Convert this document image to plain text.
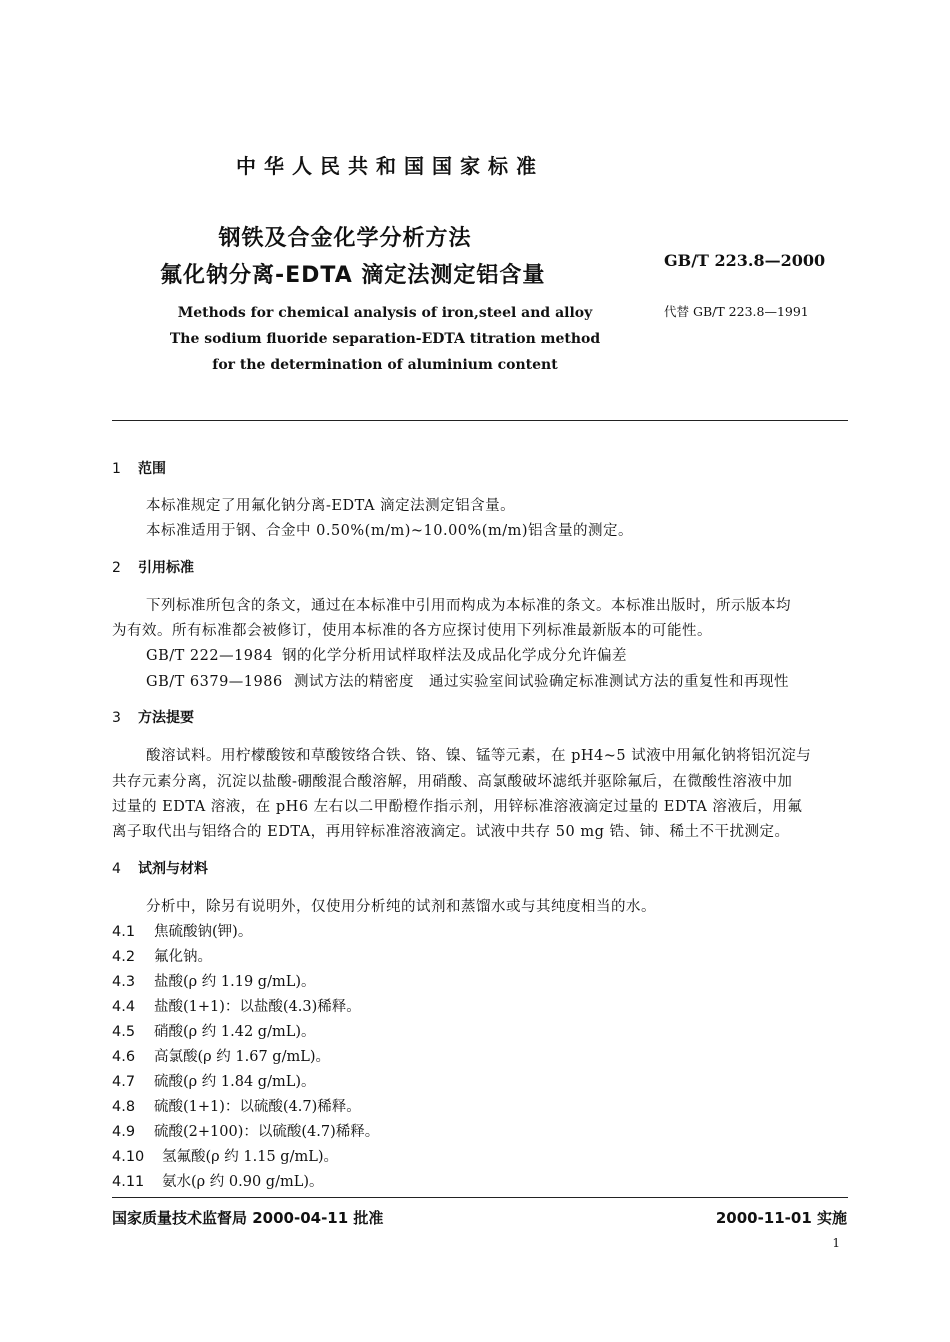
中华人民共和国国家标准
钢铁及合金化学分析方法
氟化钠分离-EDTA 滴定法测定铝含量
GB/T 223.8—2000
代替 GB/T 223.8—1991
Methods for chemical analysis of iron,steel and alloy
The sodium fluoride separation-EDTA titration method
for the determination of aluminium content
1 范围
本标准规定了用氟化钠分离-EDTA 滴定法测定铝含量。
本标准适用于钢、合金中 0.50%(m/m)~10.00%(m/m)铝含量的测定。
2 引用标准
下列标准所包含的条文，通过在本标准中引用而构成为本标准的条文。本标准出版时，所示版本均
为有效。所有标准都会被修订，使用本标准的各方应探讨使用下列标准最新版本的可能性。
GB/T 222—1984 钢的化学分析用试样取样法及成品化学成分允许偏差
GB/T 6379—1986 测试方法的精密度　通过实验室间试验确定标准测试方法的重复性和再现性
3 方法提要
酸溶试料。用柠檬酸铵和草酸铵络合铁、铬、镍、锰等元素，在 pH4~5 试液中用氟化钠将铝沉淀与
共存元素分离，沉淀以盐酸-硼酸混合酸溶解，用硝酸、高氯酸破坏滤纸并驱除氟后，在微酸性溶液中加
过量的 EDTA 溶液，在 pH6 左右以二甲酚橙作指示剂，用锌标准溶液滴定过量的 EDTA 溶液后，用氟
离子取代出与铝络合的 EDTA，再用锌标准溶液滴定。试液中共存 50 mg 锆、铈、稀土不干扰测定。
4 试剂与材料
分析中，除另有说明外，仅使用分析纯的试剂和蒸馏水或与其纯度相当的水。
4.1 焦硫酸钠(钾)。
4.2 氟化钠。
4.3 盐酸(ρ 约 1.19 g/mL)。
4.4 盐酸(1+1)：以盐酸(4.3)稀释。
4.5 硝酸(ρ 约 1.42 g/mL)。
4.6 高氯酸(ρ 约 1.67 g/mL)。
4.7 硫酸(ρ 约 1.84 g/mL)。
4.8 硫酸(1+1)：以硫酸(4.7)稀释。
4.9 硫酸(2+100)：以硫酸(4.7)稀释。
4.10 氢氟酸(ρ 约 1.15 g/mL)。
4.11 氨水(ρ 约 0.90 g/mL)。
国家质量技术监督局 2000-04-11 批准	2000-11-01 实施
1
